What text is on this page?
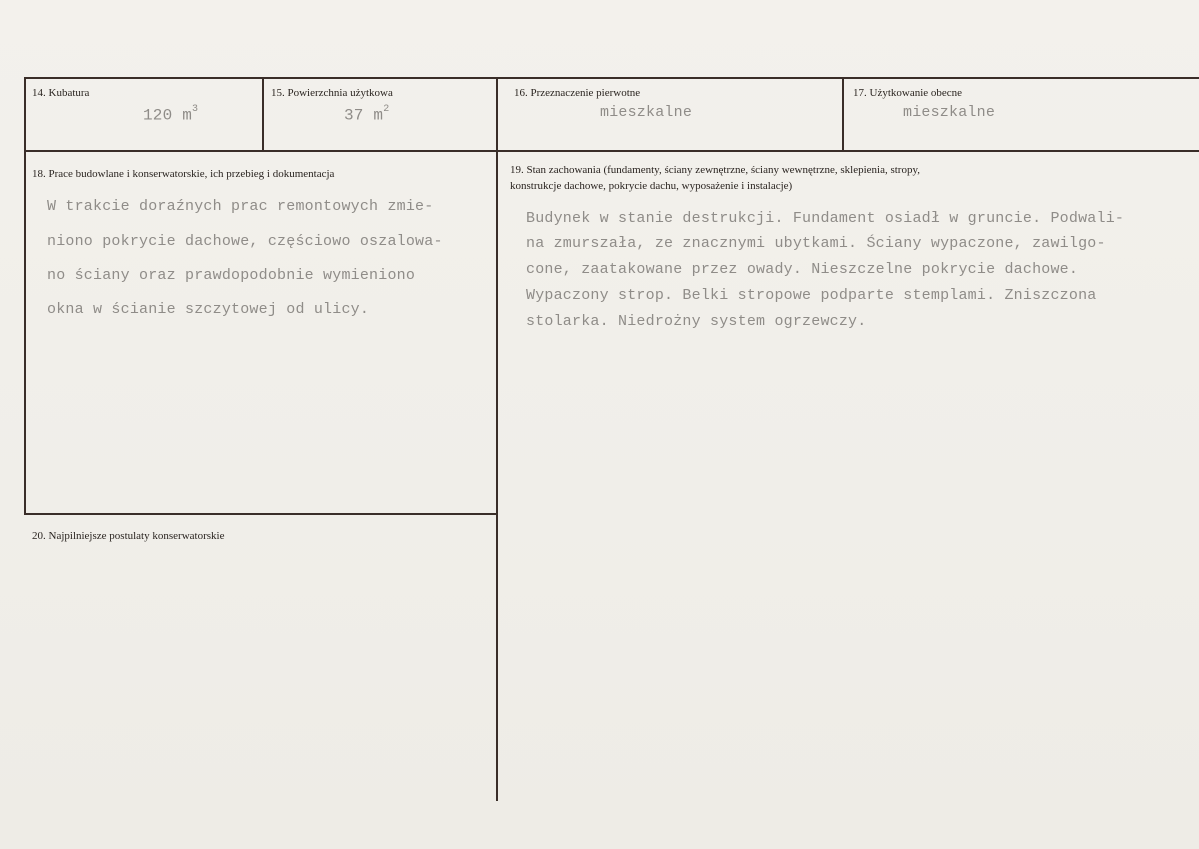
14. Kubatura
120 $m^3$
15. Powierzchnia użytkowa
37 $m^2$
16. Przeznaczenie pierwotne
mieszkalne
17. Użytkowanie obecne
mieszkalne
18. Prace budowlane i konserwatorskie, ich przebieg i dokumentacja
W trakcie doraźnych prac remontowych zmie-
niono pokrycie dachowe, częściowo oszalowa-
no ściany oraz prawdopodobnie wymieniono
okna w ścianie szczytowej od ulicy.
19. Stan zachowania (fundamenty, ściany zewnętrzne, ściany wewnętrzne, sklepienia, stropy,
konstrukcje dachowe, pokrycie dachu, wyposażenie i instalacje)
Budynek w stanie destrukcji. Fundament osiadł w gruncie. Podwali-
na zmurszała, ze znacznymi ubytkami. Ściany wypaczone, zawilgo-
cone, zaatakowane przez owady. Nieszczelne pokrycie dachowe.
Wypaczony strop. Belki stropowe podparte stemplami. Zniszczona
stolarka. Niedrożny system ogrzewczy.
20. Najpilniejsze postulaty konserwatorskie
